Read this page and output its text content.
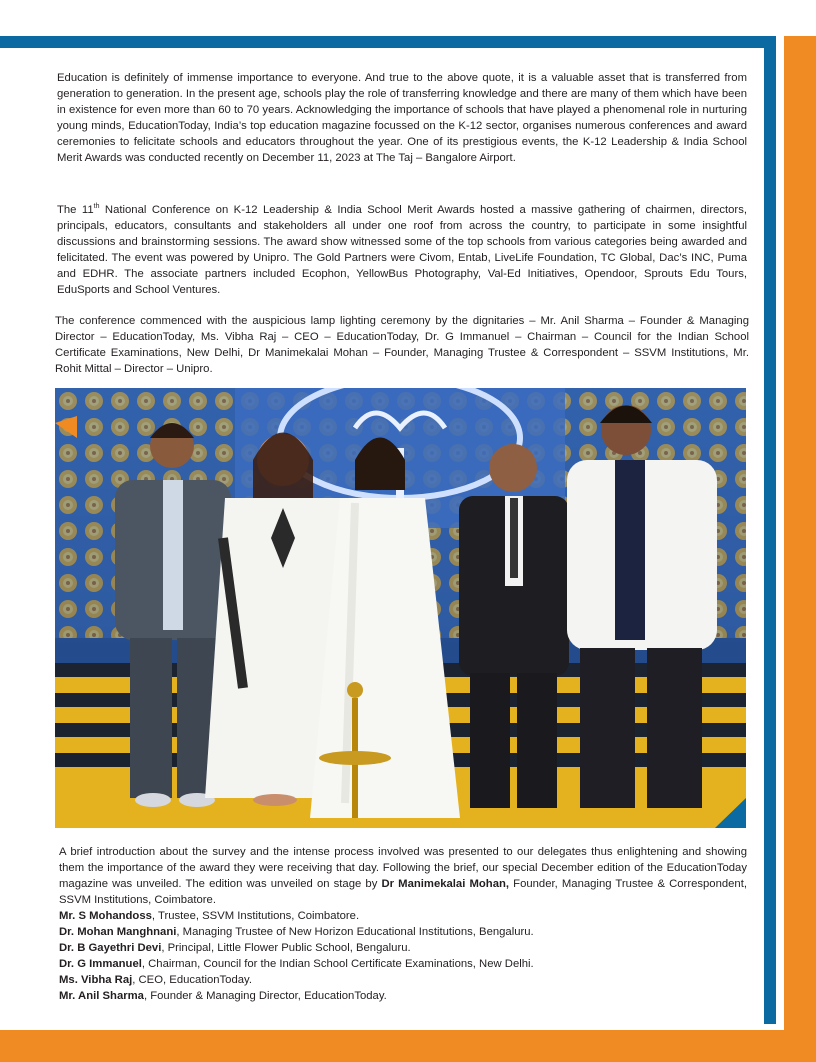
Education is definitely of immense importance to everyone. And true to the above quote, it is a valuable asset that is transferred from generation to generation. In the present age, schools play the role of transferring knowledge and there are many of them which have been in existence for even more than 60 to 70 years. Acknowledging the importance of schools that have played a phenomenal role in nurturing young minds, EducationToday, India’s top education magazine focussed on the K-12 sector, organises numerous conferences and award ceremonies to felicitate schools and educators throughout the year. One of its prestigious events, the K-12 Leadership & India School Merit Awards was conducted recently on December 11, 2023 at The Taj – Bangalore Airport.

The 11th National Conference on K-12 Leadership & India School Merit Awards hosted a massive gathering of chairmen, directors, principals, educators, consultants and stakeholders all under one roof from across the country, to participate in some insightful discussions and brainstorming sessions. The award show witnessed some of the top schools from various categories being awarded and felicitated. The event was powered by Unipro. The Gold Partners were Civom, Entab, LiveLife Foundation, TC Global, Dac’s INC, Puma and EDHR. The associate partners included Ecophon, YellowBus Photography, Val-Ed Initiatives, Opendoor, Sprouts Edu Tours, EduSports and School Ventures.

The conference commenced with the auspicious lamp lighting ceremony by the dignitaries – Mr. Anil Sharma – Founder & Managing Director – EducationToday, Ms. Vibha Raj – CEO – EducationToday, Dr. G Immanuel – Chairman – Council for the Indian School Certificate Examinations, New Delhi, Dr Manimekalai Mohan – Founder, Managing Trustee & Correspondent – SSVM Institutions, Mr. Rohit Mittal – Director – Unipro.

A brief introduction about the survey and the intense process involved was presented to our delegates thus enlightening and showing them the importance of the award they were receiving that day. Following the brief, our special December edition of the EducationToday magazine was unveiled. The edition was unveiled on stage by Dr Manimekalai Mohan, Founder, Managing Trustee & Correspondent, SSVM Institutions, Coimbatore.

Mr. S Mohandoss, Trustee, SSVM Institutions, Coimbatore.
Dr. Mohan Manghnani, Managing Trustee of New Horizon Educational Institutions, Bengaluru.
Dr. B Gayethri Devi, Principal, Little Flower Public School, Bengaluru.
Dr. G Immanuel, Chairman, Council for the Indian School Certificate Examinations, New Delhi.
Ms. Vibha Raj, CEO, EducationToday.
Mr. Anil Sharma, Founder & Managing Director, EducationToday.
